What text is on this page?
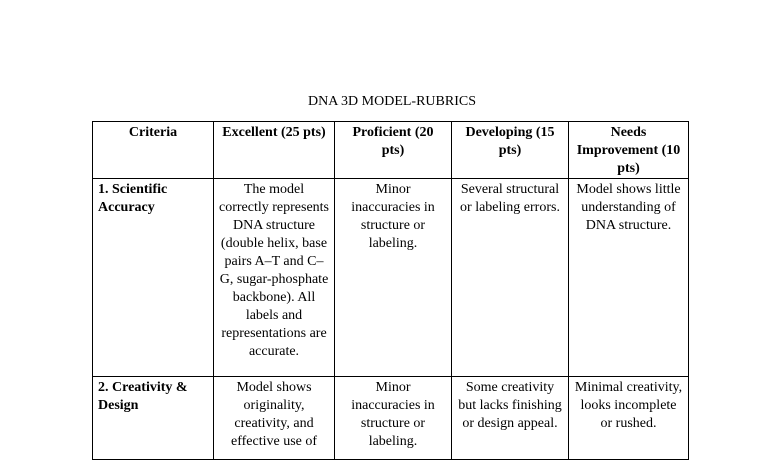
DNA 3D MODEL-RUBRICS
Criteria	Excellent (25 pts)	Proficient (20 pts)	Developing (15 pts)	Needs Improvement (10 pts)
1. Scientific Accuracy	The model correctly represents DNA structure (double helix, base pairs A–T and C–G, sugar-phosphate backbone). All labels and representations are accurate.	Minor inaccuracies in structure or labeling.	Several structural or labeling errors.	Model shows little understanding of DNA structure.
2. Creativity & Design	Model shows originality, creativity, and effective use of	Minor inaccuracies in structure or labeling.	Some creativity but lacks finishing or design appeal.	Minimal creativity, looks incomplete or rushed.
